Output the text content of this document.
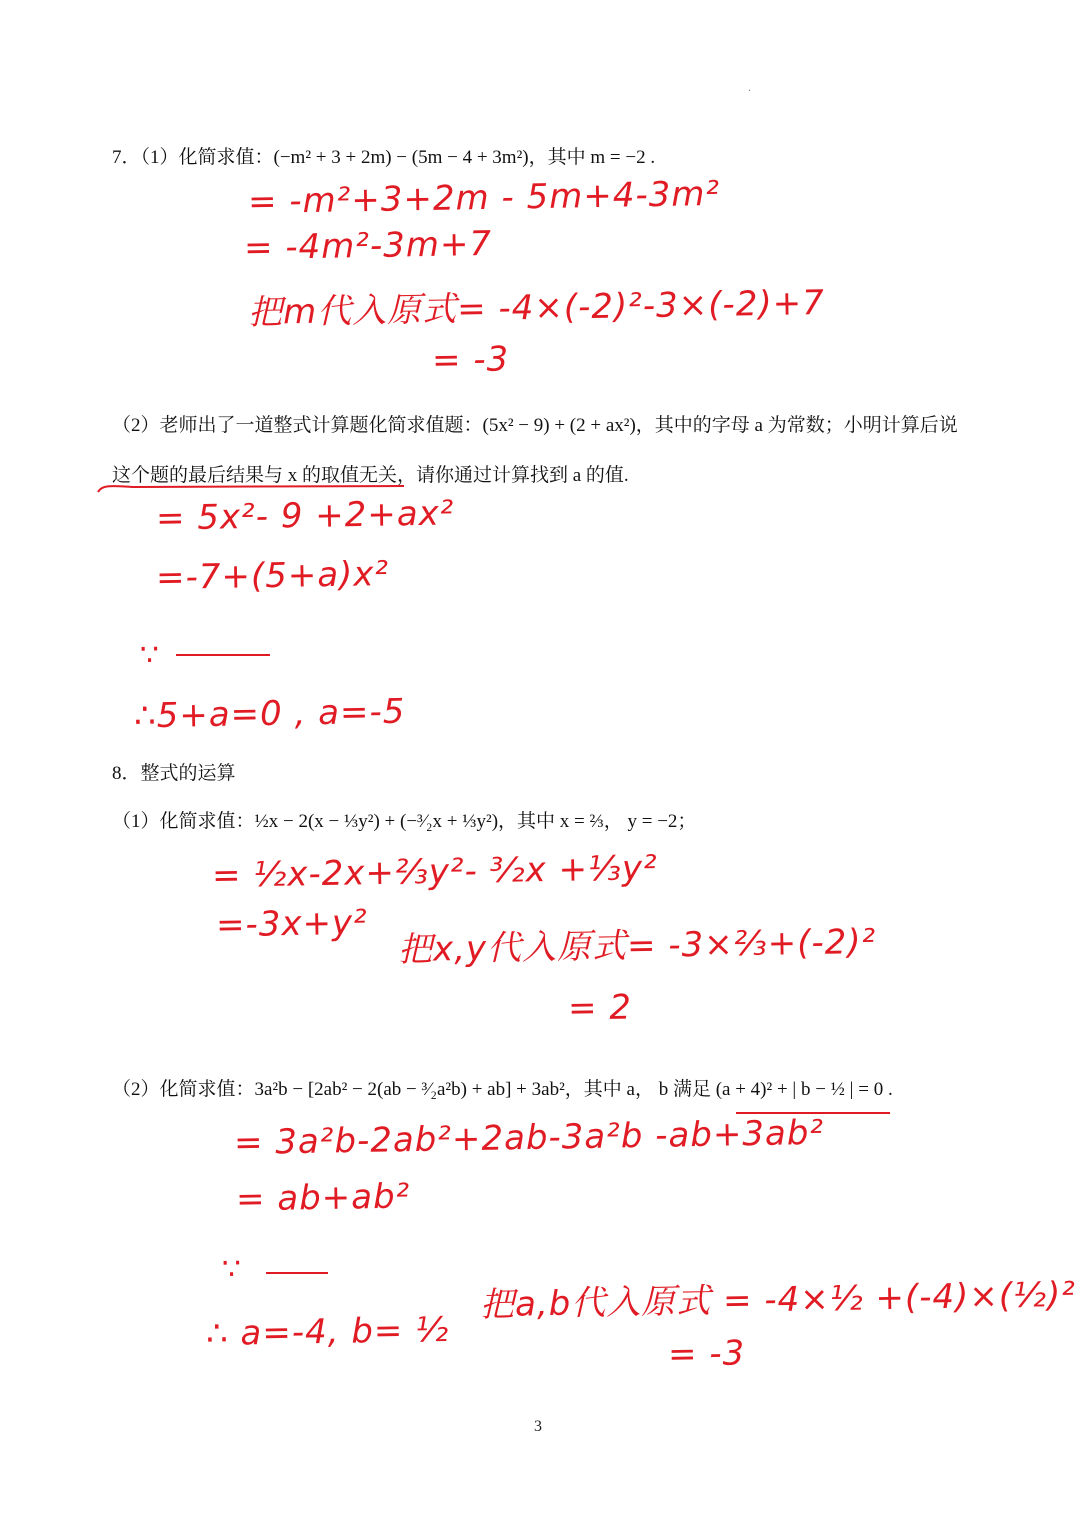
·
7．（1）化简求值：(−m² + 3 + 2m) − (5m − 4 + 3m²)，其中 m = −2 .
= -m²+3+2m - 5m+4-3m²
= -4m²-3m+7
把m代入原式= -4×(-2)²-3×(-2)+7
= -3
（2）老师出了一道整式计算题化简求值题：(5x² − 9) + (2 + ax²)，其中的字母 a 为常数；小明计算后说
这个题的最后结果与 x 的取值无关，请你通过计算找到 a 的值.
= 5x²- 9 +2+ax²
=-7+(5+a)x²
∵
∴5+a=0 , a=-5
8．整式的运算
（1）化简求值：½x − 2(x − ⅓y²) + (−³⁄₂x + ⅓y²)，其中 x = ⅔， y = −2；
= ½x-2x+⅔y²- ³⁄₂x +⅓y²
=-3x+y² 把x,y代入原式= -3×⅔+(-2)²
= 2
（2）化简求值：3a²b − [2ab² − 2(ab − ³⁄₂a²b) + ab] + 3ab²，其中 a， b 满足 (a + 4)² + | b − ½ | = 0 .
= 3a²b-2ab²+2ab-3a²b -ab+3ab²
= ab+ab²
∵
∴ a=-4, b= ½
把a,b代入原式 = -4×½ +(-4)×(½)²
= -3
3
